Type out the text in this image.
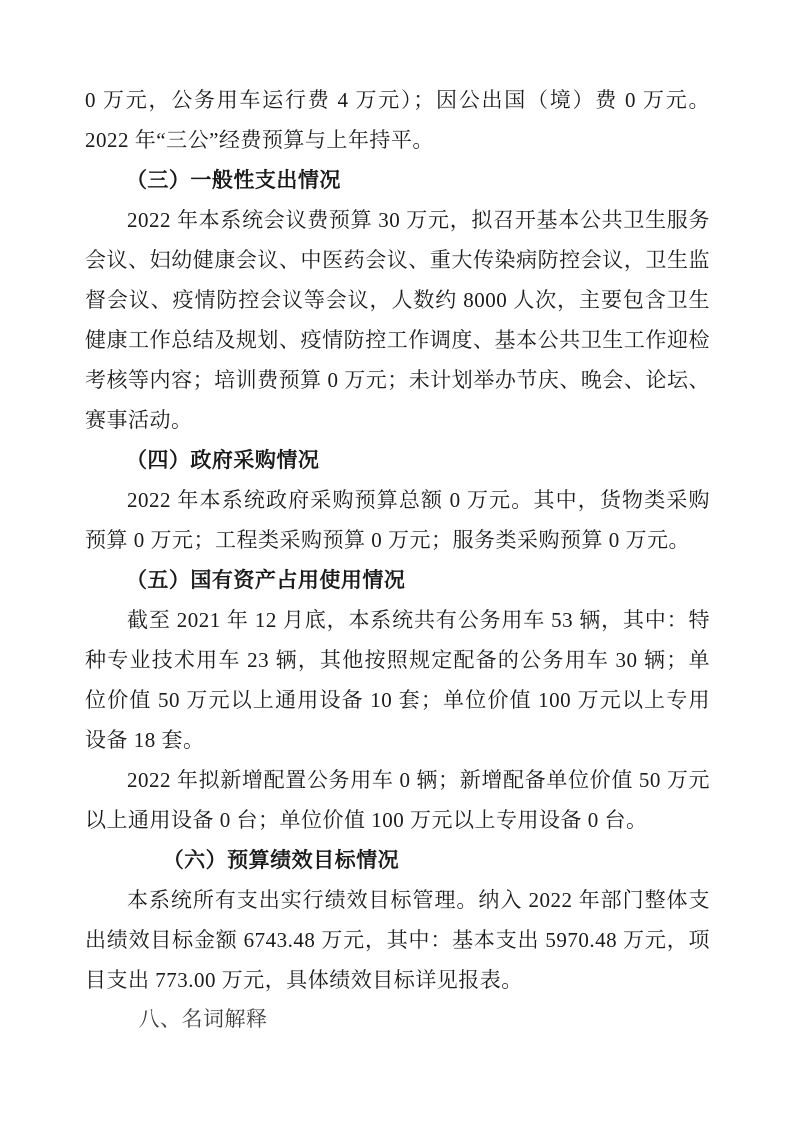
0 万元，公务用车运行费 4 万元）；因公出国（境）费 0 万元。2022 年“三公”经费预算与上年持平。

（三）一般性支出情况

2022 年本系统会议费预算 30 万元，拟召开基本公共卫生服务会议、妇幼健康会议、中医药会议、重大传染病防控会议，卫生监督会议、疫情防控会议等会议，人数约 8000 人次，主要包含卫生健康工作总结及规划、疫情防控工作调度、基本公共卫生工作迎检考核等内容；培训费预算 0 万元；未计划举办节庆、晚会、论坛、赛事活动。

（四）政府采购情况

2022 年本系统政府采购预算总额 0 万元。其中，货物类采购预算 0 万元；工程类采购预算 0 万元；服务类采购预算 0 万元。

（五）国有资产占用使用情况

截至 2021 年 12 月底，本系统共有公务用车 53 辆，其中：特种专业技术用车 23 辆，其他按照规定配备的公务用车 30 辆；单位价值 50 万元以上通用设备 10 套；单位价值 100 万元以上专用设备 18 套。

2022 年拟新增配置公务用车 0 辆；新增配备单位价值 50 万元以上通用设备 0 台；单位价值 100 万元以上专用设备 0 台。

（六）预算绩效目标情况

本系统所有支出实行绩效目标管理。纳入 2022 年部门整体支出绩效目标金额 6743.48 万元，其中：基本支出 5970.48 万元，项目支出 773.00 万元，具体绩效目标详见报表。

八、名词解释
